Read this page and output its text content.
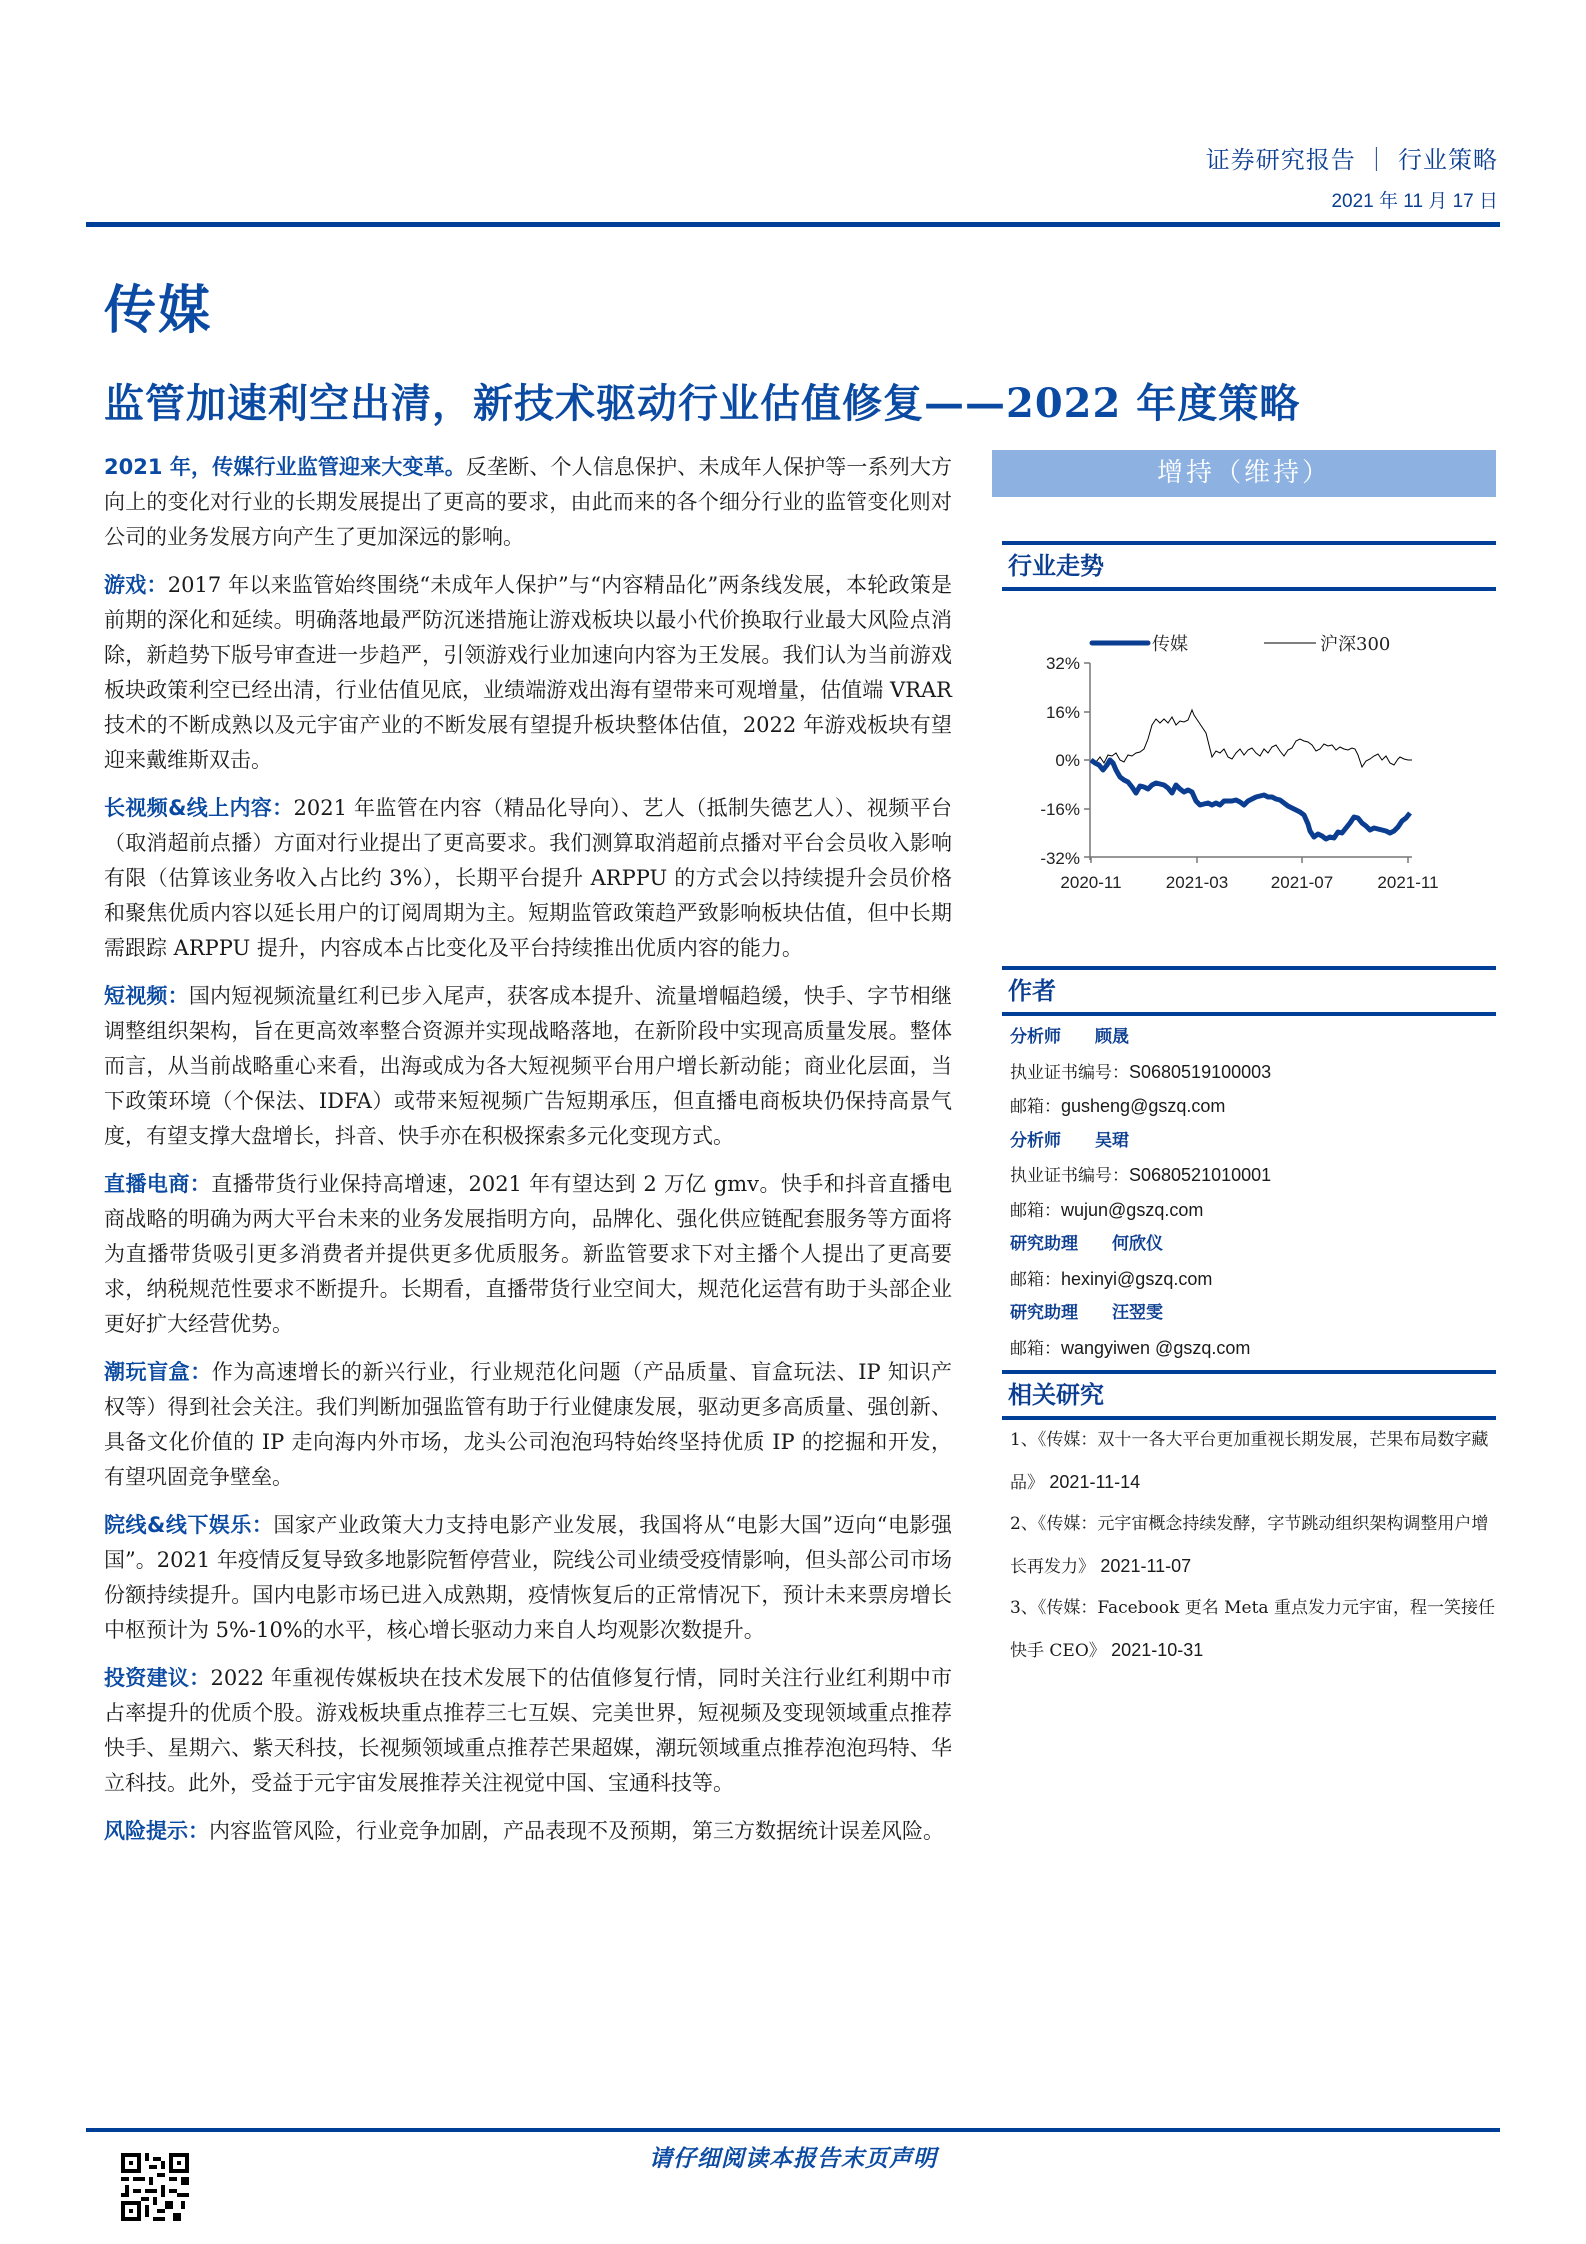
证券研究报告 ｜ 行业策略
2021 年 11 月 17 日
传媒
监管加速利空出清，新技术驱动行业估值修复——2022 年度策略

2021 年，传媒行业监管迎来大变革。反垄断、个人信息保护、未成年人保护等一系列大方向上的变化对行业的长期发展提出了更高的要求，由此而来的各个细分行业的监管变化则对公司的业务发展方向产生了更加深远的影响。

游戏：2017 年以来监管始终围绕“未成年人保护”与“内容精品化”两条线发展，本轮政策是前期的深化和延续。明确落地最严防沉迷措施让游戏板块以最小代价换取行业最大风险点消除，新趋势下版号审查进一步趋严，引领游戏行业加速向内容为王发展。我们认为当前游戏板块政策利空已经出清，行业估值见底，业绩端游戏出海有望带来可观增量，估值端 VRAR 技术的不断成熟以及元宇宙产业的不断发展有望提升板块整体估值，2022 年游戏板块有望迎来戴维斯双击。

长视频&线上内容：2021 年监管在内容（精品化导向）、艺人（抵制失德艺人）、视频平台（取消超前点播）方面对行业提出了更高要求。我们测算取消超前点播对平台会员收入影响有限（估算该业务收入占比约 3%），长期平台提升 ARPPU 的方式会以持续提升会员价格和聚焦优质内容以延长用户的订阅周期为主。短期监管政策趋严致影响板块估值，但中长期需跟踪 ARPPU 提升，内容成本占比变化及平台持续推出优质内容的能力。

短视频：国内短视频流量红利已步入尾声，获客成本提升、流量增幅趋缓，快手、字节相继调整组织架构，旨在更高效率整合资源并实现战略落地，在新阶段中实现高质量发展。整体而言，从当前战略重心来看，出海或成为各大短视频平台用户增长新动能；商业化层面，当下政策环境（个保法、IDFA）或带来短视频广告短期承压，但直播电商板块仍保持高景气度，有望支撑大盘增长，抖音、快手亦在积极探索多元化变现方式。

直播电商：直播带货行业保持高增速，2021 年有望达到 2 万亿 gmv。快手和抖音直播电商战略的明确为两大平台未来的业务发展指明方向，品牌化、强化供应链配套服务等方面将为直播带货吸引更多消费者并提供更多优质服务。新监管要求下对主播个人提出了更高要求，纳税规范性要求不断提升。长期看，直播带货行业空间大，规范化运营有助于头部企业更好扩大经营优势。

潮玩盲盒：作为高速增长的新兴行业，行业规范化问题（产品质量、盲盒玩法、IP 知识产权等）得到社会关注。我们判断加强监管有助于行业健康发展，驱动更多高质量、强创新、具备文化价值的 IP 走向海内外市场，龙头公司泡泡玛特始终坚持优质 IP 的挖掘和开发，有望巩固竞争壁垒。

院线&线下娱乐：国家产业政策大力支持电影产业发展，我国将从“电影大国”迈向“电影强国”。2021 年疫情反复导致多地影院暂停营业，院线公司业绩受疫情影响，但头部公司市场份额持续提升。国内电影市场已进入成熟期，疫情恢复后的正常情况下，预计未来票房增长中枢预计为 5%-10%的水平，核心增长驱动力来自人均观影次数提升。

投资建议：2022 年重视传媒板块在技术发展下的估值修复行情，同时关注行业红利期中市占率提升的优质个股。游戏板块重点推荐三七互娱、完美世界，短视频及变现领域重点推荐快手、星期六、紫天科技，长视频领域重点推荐芒果超媒，潮玩领域重点推荐泡泡玛特、华立科技。此外，受益于元宇宙发展推荐关注视觉中国、宝通科技等。

风险提示：内容监管风险，行业竞争加剧，产品表现不及预期，第三方数据统计误差风险。

增持（维持）
行业走势
传媒	沪深300
32%
16%
0%
-16%
-32%
2020-11	2021-03	2021-07	2021-11
作者
分析师 顾晟
执业证书编号：S0680519100003
邮箱：gusheng@gszq.com
分析师 吴珺
执业证书编号：S0680521010001
邮箱：wujun@gszq.com
研究助理 何欣仪
邮箱：hexinyi@gszq.com
研究助理 汪翌雯
邮箱：wangyiwen @gszq.com
相关研究
1、《传媒：双十一各大平台更加重视长期发展，芒果布局数字藏品》 2021-11-14
2、《传媒：元宇宙概念持续发酵，字节跳动组织架构调整用户增长再发力》 2021-11-07
3、《传媒：Facebook 更名 Meta 重点发力元宇宙，程一笑接任快手 CEO》 2021-10-31
请仔细阅读本报告末页声明
